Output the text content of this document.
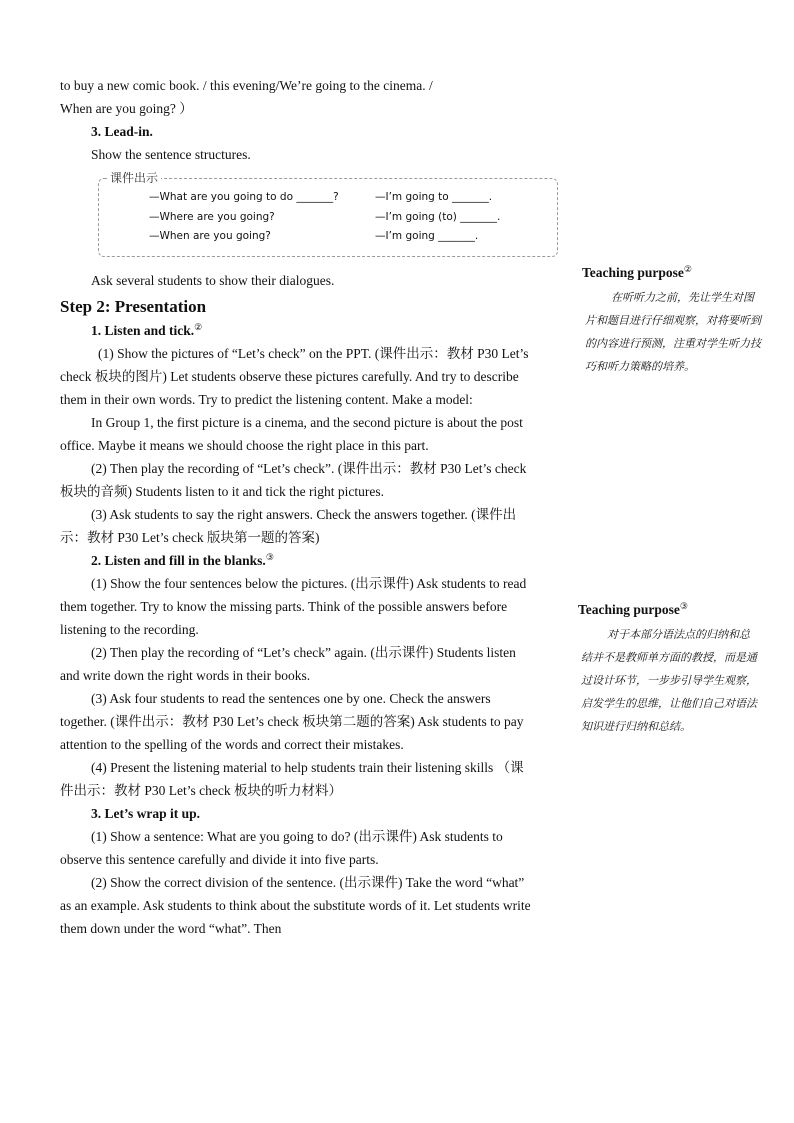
to buy a new comic book. / this evening/We’re going to the cinema. /

When are you going? ）

3. Lead-in.

Show the sentence structures.

课件出示
—What are you going to do _______?
—Where are you going?
—When are you going?
—I’m going to _______.
—I’m going (to) _______.
—I’m going _______.

Ask several students to show their dialogues.

Step 2: Presentation

1. Listen and tick.②

(1) Show the pictures of “Let’s check” on the PPT. (课件出示：教材 P30 Let’s check 板块的图片) Let students observe these pictures carefully. And try to describe them in their own words. Try to predict the listening content. Make a model:

In Group 1, the first picture is a cinema, and the second picture is about the post office. Maybe it means we should choose the right place in this part.

(2) Then play the recording of “Let’s check”. (课件出示：教材 P30 Let’s check 板块的音频) Students listen to it and tick the right pictures.

(3) Ask students to say the right answers. Check the answers together. (课件出示：教材 P30 Let’s check 版块第一题的答案)

2. Listen and fill in the blanks.③

(1) Show the four sentences below the pictures. (出示课件) Ask students to read them together. Try to know the missing parts. Think of the possible answers before listening to the recording.

(2) Then play the recording of “Let’s check” again. (出示课件) Students listen and write down the right words in their books.

(3) Ask four students to read the sentences one by one. Check the answers together. (课件出示：教材 P30 Let’s check 板块第二题的答案) Ask students to pay attention to the spelling of the words and correct their mistakes.

(4) Present the listening material to help students train their listening skills （课件出示：教材 P30 Let’s check 板块的听力材料）

3. Let’s wrap it up.

(1) Show a sentence: What are you going to do? (出示课件) Ask students to observe this sentence carefully and divide it into five parts.

(2) Show the correct division of the sentence. (出示课件) Take the word “what” as an example. Ask students to think about the substitute words of it. Let students write them down under the word “what”. Then

Teaching purpose②
在听听力之前，先让学生对图片和题目进行仔细观察，对将要听到的内容进行预测，注重对学生听力技巧和听力策略的培养。
Teaching purpose③
对于本部分语法点的归纳和总结并不是教师单方面的教授，而是通过设计环节，一步步引导学生观察，启发学生的思维，让他们自己对语法知识进行归纳和总结。
